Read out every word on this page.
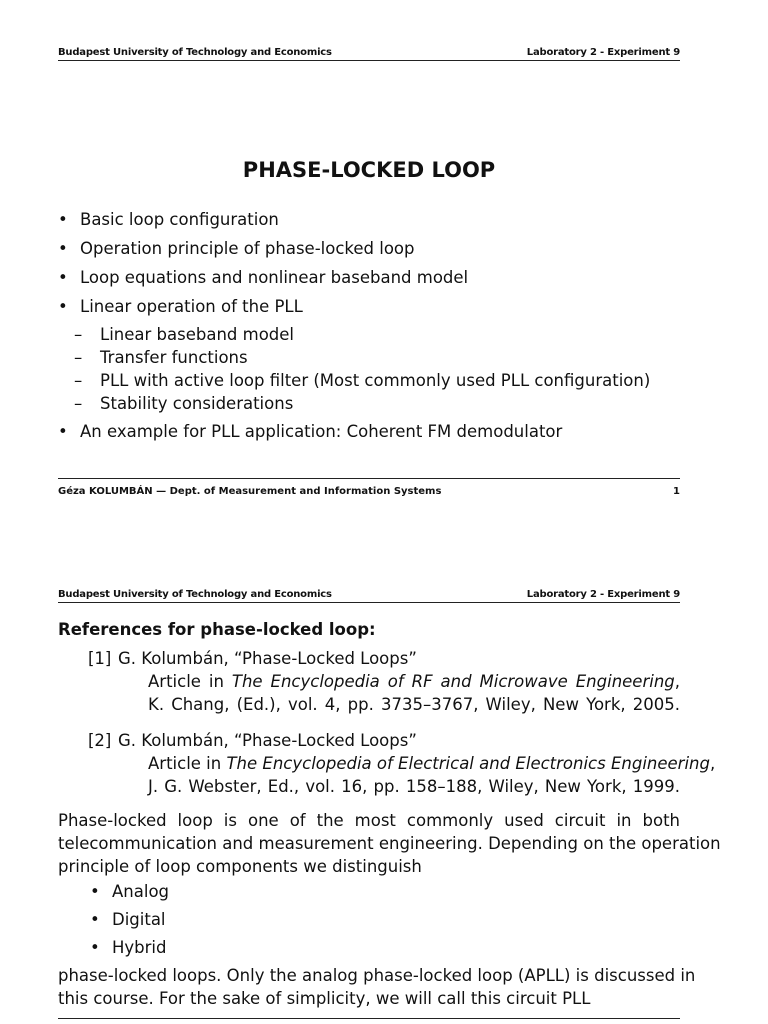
Budapest University of Technology and Economics	Laboratory 2 - Experiment 9
PHASE-LOCKED LOOP
• Basic loop configuration
• Operation principle of phase-locked loop
• Loop equations and nonlinear baseband model
• Linear operation of the PLL
– Linear baseband model
– Transfer functions
– PLL with active loop filter (Most commonly used PLL configuration)
– Stability considerations
• An example for PLL application: Coherent FM demodulator
Géza KOLUMBÁN — Dept. of Measurement and Information Systems	1
Budapest University of Technology and Economics	Laboratory 2 - Experiment 9
References for phase-locked loop:
[1] G. Kolumbán, “Phase-Locked Loops”
Article in The Encyclopedia of RF and Microwave Engineering,
K. Chang, (Ed.), vol. 4, pp. 3735–3767, Wiley, New York, 2005.
[2] G. Kolumbán, “Phase-Locked Loops”
Article in The Encyclopedia of Electrical and Electronics Engineering,
J. G. Webster, Ed., vol. 16, pp. 158–188, Wiley, New York, 1999.
Phase-locked loop is one of the most commonly used circuit in both
telecommunication and measurement engineering. Depending on the operation
principle of loop components we distinguish
• Analog
• Digital
• Hybrid
phase-locked loops. Only the analog phase-locked loop (APLL) is discussed in
this course. For the sake of simplicity, we will call this circuit PLL
